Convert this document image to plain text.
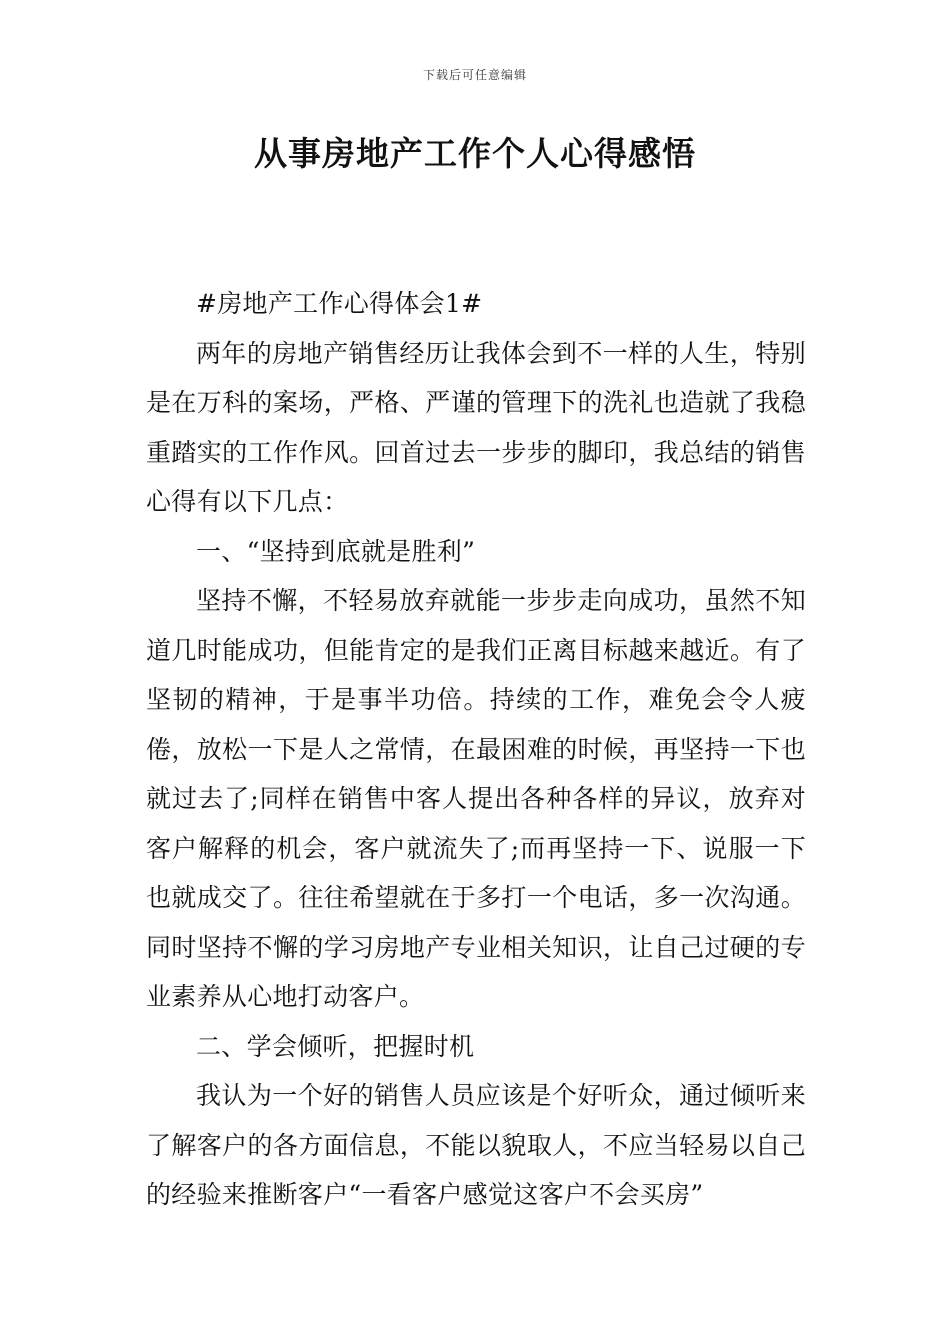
下载后可任意编辑
从事房地产工作个人心得感悟

#房地产工作心得体会1#

两年的房地产销售经历让我体会到不一样的人生，特别是在万科的案场，严格、严谨的管理下的洗礼也造就了我稳重踏实的工作作风。回首过去一步步的脚印，我总结的销售心得有以下几点：

一、“坚持到底就是胜利”

坚持不懈，不轻易放弃就能一步步走向成功，虽然不知道几时能成功，但能肯定的是我们正离目标越来越近。有了坚韧的精神，于是事半功倍。持续的工作，难免会令人疲倦，放松一下是人之常情，在最困难的时候，再坚持一下也就过去了;同样在销售中客人提出各种各样的异议，放弃对客户解释的机会，客户就流失了;而再坚持一下、说服一下也就成交了。往往希望就在于多打一个电话，多一次沟通。同时坚持不懈的学习房地产专业相关知识，让自己过硬的专业素养从心地打动客户。

二、学会倾听，把握时机

我认为一个好的销售人员应该是个好听众，通过倾听来了解客户的各方面信息，不能以貌取人，不应当轻易以自己的经验来推断客户“一看客户感觉这客户不会买房”
